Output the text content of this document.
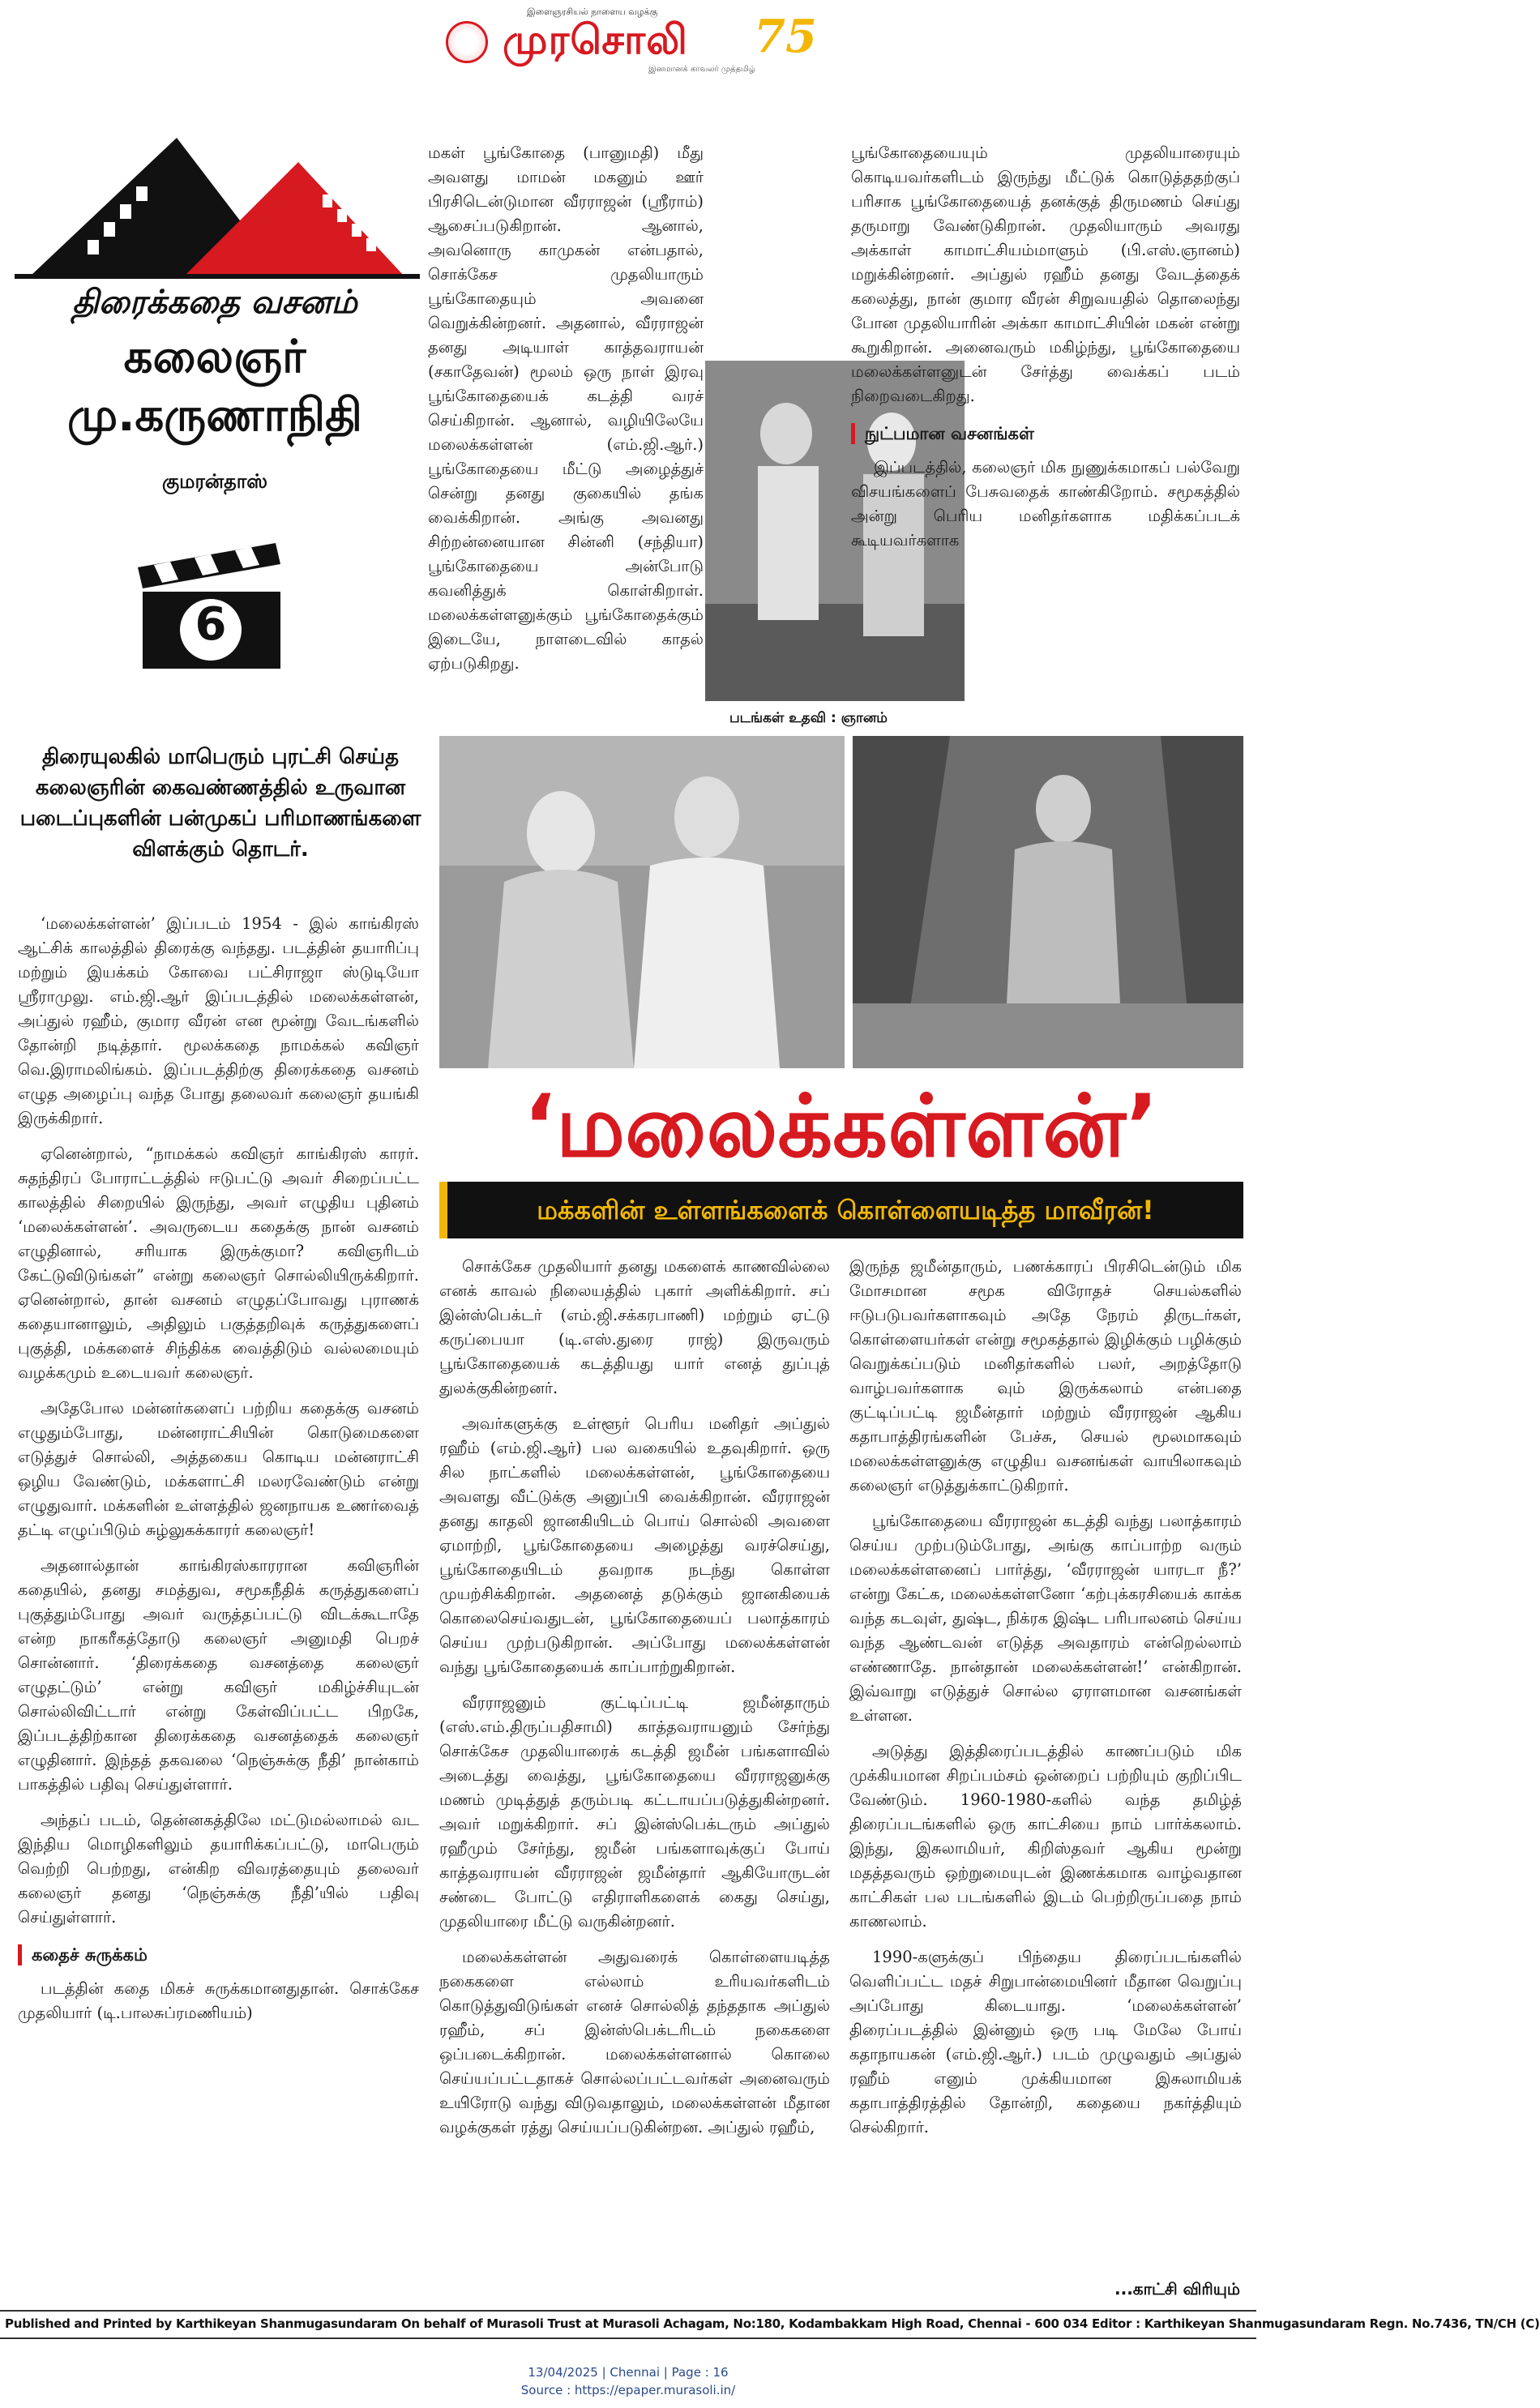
இளைஞரசியல் நாளைய வழக்கு
முரசொலி 75
இனமானக் காவலர் முத்தமிழ்
திரைக்கதை வசனம்
கலைஞர்
மு.கருணாநிதி
குமரன்தாஸ்
6
திரையுலகில் மாபெரும் புரட்சி செய்த கலைஞரின் கைவண்ணத்தில் உருவான படைப்புகளின் பன்முகப் பரிமாணங்களை விளக்கும் தொடர்.

‘மலைக்கள்ளன்’ இப்படம் 1954 - இல் காங்கிரஸ் ஆட்சிக் காலத்தில் திரைக்கு வந்தது. படத்தின் தயாரிப்பு மற்றும் இயக்கம் கோவை பட்சிராஜா ஸ்டுடியோ ஸ்ரீராமுலு. எம்.ஜி.ஆர் இப்படத்தில் மலைக்கள்ளன், அப்துல் ரஹீம், குமார வீரன் என மூன்று வேடங்களில் தோன்றி நடித்தார். மூலக்கதை நாமக்கல் கவிஞர் வெ.இராமலிங்கம். இப்படத்திற்கு திரைக்கதை வசனம் எழுத அழைப்பு வந்த போது தலைவர் கலைஞர் தயங்கி இருக்கிறார்.

ஏனென்றால், “நாமக்கல் கவிஞர் காங்கிரஸ் காரர். சுதந்திரப் போராட்டத்தில் ஈடுபட்டு அவர் சிறைப்பட்ட காலத்தில் சிறையில் இருந்து, அவர் எழுதிய புதினம் ‘மலைக்கள்ளன்’. அவருடைய கதைக்கு நான் வசனம் எழுதினால், சரியாக இருக்குமா? கவிஞரிடம் கேட்டுவிடுங்கள்” என்று கலைஞர் சொல்லியிருக்கிறார். ஏனென்றால், தான் வசனம் எழுதப்போவது புராணக் கதையானாலும், அதிலும் பகுத்தறிவுக் கருத்துகளைப் புகுத்தி, மக்களைச் சிந்திக்க வைத்திடும் வல்லமையும் வழக்கமும் உடையவர் கலைஞர்.

அதேபோல மன்னர்களைப் பற்றிய கதைக்கு வசனம் எழுதும்போது, மன்னராட்சியின் கொடுமைகளை எடுத்துச் சொல்லி, அத்தகைய கொடிய மன்னராட்சி ஒழிய வேண்டும், மக்களாட்சி மலரவேண்டும் என்று எழுதுவார். மக்களின் உள்ளத்தில் ஜனநாயக உணர்வைத் தட்டி எழுப்பிடும் சுழ்லுகக்காரர் கலைஞர்!

அதனால்தான் காங்கிரஸ்காரரான கவிஞரின் கதையில், தனது சமத்துவ, சமூகநீதிக் கருத்துகளைப் புகுத்தும்போது அவர் வருத்தப்பட்டு விடக்கூடாதே என்ற நாகரீகத்தோடு கலைஞர் அனுமதி பெறச் சொன்னார். ‘திரைக்கதை வசனத்தை கலைஞர் எழுதட்டும்’ என்று கவிஞர் மகிழ்ச்சியுடன் சொல்லிவிட்டார் என்று கேள்விப்பட்ட பிறகே, இப்படத்திற்கான திரைக்கதை வசனத்தைக் கலைஞர் எழுதினார். இந்தத் தகவலை ‘நெஞ்சுக்கு நீதி’ நான்காம் பாகத்தில் பதிவு செய்துள்ளார்.

அந்தப் படம், தென்னகத்திலே மட்டுமல்லாமல் வட இந்திய மொழிகளிலும் தயாரிக்கப்பட்டு, மாபெரும் வெற்றி பெற்றது, என்கிற விவரத்தையும் தலைவர் கலைஞர் தனது ‘நெஞ்சுக்கு நீதி’யில் பதிவு செய்துள்ளார்.

கதைச் சுருக்கம்

படத்தின் கதை மிகச் சுருக்கமானதுதான். சொக்கேச முதலியார் (டி.பாலசுப்ரமணியம்)

மகள் பூங்கோதை (பானுமதி) மீது அவளது மாமன் மகனும் ஊர் பிரசிடென்டுமான வீரராஜன் (ஸ்ரீராம்) ஆசைப்படுகிறான். ஆனால், அவனொரு காமுகன் என்பதால், சொக்கேச முதலியாரும் பூங்கோதையும் அவனை வெறுக்கின்றனர். அதனால், வீரராஜன் தனது அடியாள் காத்தவராயன் (சகாதேவன்) மூலம் ஒரு நாள் இரவு பூங்கோதையைக் கடத்தி வரச் செய்கிறான். ஆனால், வழியிலேயே மலைக்கள்ளன் (எம்.ஜி.ஆர்.) பூங்கோதையை மீட்டு அழைத்துச் சென்று தனது குகையில் தங்க வைக்கிறான். அங்கு அவனது சிற்றன்னையான சின்னி (சந்தியா) பூங்கோதையை அன்போடு கவனித்துக் கொள்கிறாள். மலைக்கள்ளனுக்கும் பூங்கோதைக்கும் இடையே, நாளடைவில் காதல் ஏற்படுகிறது.

பூங்கோதையையும் முதலியாரையும் கொடியவர்களிடம் இருந்து மீட்டுக் கொடுத்ததற்குப் பரிசாக பூங்கோதையைத் தனக்குத் திருமணம் செய்து தருமாறு வேண்டுகிறான். முதலியாரும் அவரது அக்காள் காமாட்சியம்மாளும் (பி.எஸ்.ஞானம்) மறுக்கின்றனர். அப்துல் ரஹீம் தனது வேடத்தைக் கலைத்து, நான் குமார வீரன் சிறுவயதில் தொலைந்து போன முதலியாரின் அக்கா காமாட்சியின் மகன் என்று கூறுகிறான். அனைவரும் மகிழ்ந்து, பூங்கோதையை மலைக்கள்ளனுடன் சேர்த்து வைக்கப் படம் நிறைவடைகிறது.

நுட்பமான வசனங்கள்

இப்படத்தில், கலைஞர் மிக நுணுக்கமாகப் பல்வேறு விசயங்களைப் பேசுவதைக் காண்கிறோம். சமூகத்தில் அன்று பெரிய மனிதர்களாக மதிக்கப்படக் கூடியவர்களாக

படங்கள் உதவி : ஞானம்
‘மலைக்கள்ளன்’
மக்களின் உள்ளங்களைக் கொள்ளையடித்த மாவீரன்!

சொக்கேச முதலியார் தனது மகளைக் காணவில்லை எனக் காவல் நிலையத்தில் புகார் அளிக்கிறார். சப் இன்ஸ்பெக்டர் (எம்.ஜி.சக்கரபாணி) மற்றும் ஏட்டு கருப்பையா (டி.எஸ்.துரை ராஜ்) இருவரும் பூங்கோதையைக் கடத்தியது யார் எனத் துப்புத் துலக்குகின்றனர்.

அவர்களுக்கு உள்ளூர் பெரிய மனிதர் அப்துல் ரஹீம் (எம்.ஜி.ஆர்) பல வகையில் உதவுகிறார். ஒரு சில நாட்களில் மலைக்கள்ளன், பூங்கோதையை அவளது வீட்டுக்கு அனுப்பி வைக்கிறான். வீரராஜன் தனது காதலி ஜானகியிடம் பொய் சொல்லி அவளை ஏமாற்றி, பூங்கோதையை அழைத்து வரச்செய்து, பூங்கோதையிடம் தவறாக நடந்து கொள்ள முயற்சிக்கிறான். அதனைத் தடுக்கும் ஜானகியைக் கொலைசெய்வதுடன், பூங்கோதையைப் பலாத்காரம் செய்ய முற்படுகிறான். அப்போது மலைக்கள்ளன் வந்து பூங்கோதையைக் காப்பாற்றுகிறான்.

வீரராஜனும் குட்டிப்பட்டி ஜமீன்தாரும் (எஸ்.எம்.திருப்பதிசாமி) காத்தவராயனும் சேர்ந்து சொக்கேச முதலியாரைக் கடத்தி ஜமீன் பங்களாவில் அடைத்து வைத்து, பூங்கோதையை வீரராஜனுக்கு மணம் முடித்துத் தரும்படி கட்டாயப்படுத்துகின்றனர். அவர் மறுக்கிறார். சப் இன்ஸ்பெக்டரும் அப்துல் ரஹீமும் சேர்ந்து, ஜமீன் பங்களாவுக்குப் போய் காத்தவராயன் வீரராஜன் ஜமீன்தார் ஆகியோருடன் சண்டை போட்டு எதிராளிகளைக் கைது செய்து, முதலியாரை மீட்டு வருகின்றனர்.

மலைக்கள்ளன் அதுவரைக் கொள்ளையடித்த நகைகளை எல்லாம் உரியவர்களிடம் கொடுத்துவிடுங்கள் எனச் சொல்லித் தந்ததாக அப்துல் ரஹீம், சப் இன்ஸ்பெக்டரிடம் நகைகளை ஒப்படைக்கிறான். மலைக்கள்ளனால் கொலை செய்யப்பட்டதாகச் சொல்லப்பட்டவர்கள் அனைவரும் உயிரோடு வந்து விடுவதாலும், மலைக்கள்ளன் மீதான வழக்குகள் ரத்து செய்யப்படுகின்றன. அப்துல் ரஹீம்,

இருந்த ஜமீன்தாரும், பணக்காரப் பிரசிடென்டும் மிக மோசமான சமூக விரோதச் செயல்களில் ஈடுபடுபவர்களாகவும் அதே நேரம் திருடர்கள், கொள்ளையர்கள் என்று சமூகத்தால் இழிக்கும் பழிக்கும் வெறுக்கப்படும் மனிதர்களில் பலர், அறத்தோடு வாழ்பவர்களாக வும் இருக்கலாம் என்பதை குட்டிப்பட்டி ஜமீன்தார் மற்றும் வீரராஜன் ஆகிய கதாபாத்திரங்களின் பேச்சு, செயல் மூலமாகவும் மலைக்கள்ளனுக்கு எழுதிய வசனங்கள் வாயிலாகவும் கலைஞர் எடுத்துக்காட்டுகிறார்.

பூங்கோதையை வீரராஜன் கடத்தி வந்து பலாத்காரம் செய்ய முற்படும்போது, அங்கு காப்பாற்ற வரும் மலைக்கள்ளனைப் பார்த்து, ‘வீரராஜன் யாரடா நீ?’ என்று கேட்க, மலைக்கள்ளனோ ‘கற்புக்கரசியைக் காக்க வந்த கடவுள், துஷ்ட, நிக்ரக இஷ்ட பரிபாலனம் செய்ய வந்த ஆண்டவன் எடுத்த அவதாரம் என்றெல்லாம் எண்ணாதே. நான்தான் மலைக்கள்ளன்!’ என்கிறான். இவ்வாறு எடுத்துச் சொல்ல ஏராளமான வசனங்கள் உள்ளன.

அடுத்து இத்திரைப்படத்தில் காணப்படும் மிக முக்கியமான சிறப்பம்சம் ஒன்றைப் பற்றியும் குறிப்பிட வேண்டும். 1960-1980-களில் வந்த தமிழ்த் திரைப்படங்களில் ஒரு காட்சியை நாம் பார்க்கலாம். இந்து, இசுலாமியர், கிறிஸ்தவர் ஆகிய மூன்று மதத்தவரும் ஒற்றுமையுடன் இணக்கமாக வாழ்வதான காட்சிகள் பல படங்களில் இடம் பெற்றிருப்பதை நாம் காணலாம்.

1990-களுக்குப் பிந்தைய திரைப்படங்களில் வெளிப்பட்ட மதச் சிறுபான்மையினர் மீதான வெறுப்பு அப்போது கிடையாது. ‘மலைக்கள்ளன்’ திரைப்படத்தில் இன்னும் ஒரு படி மேலே போய் கதாநாயகன் (எம்.ஜி.ஆர்.) படம் முழுவதும் அப்துல் ரஹீம் எனும் முக்கியமான இசுலாமியக் கதாபாத்திரத்தில் தோன்றி, கதையை நகர்த்தியும் செல்கிறார்.

...காட்சி விரியும்
Published and Printed by Karthikeyan Shanmugasundaram On behalf of Murasoli Trust at Murasoli Achagam, No:180, Kodambakkam High Road, Chennai - 600 034 Editor : Karthikeyan Shanmugasundaram Regn. No.7436, TN/CH (C)
13/04/2025 | Chennai | Page : 16
Source : https://epaper.murasoli.in/
